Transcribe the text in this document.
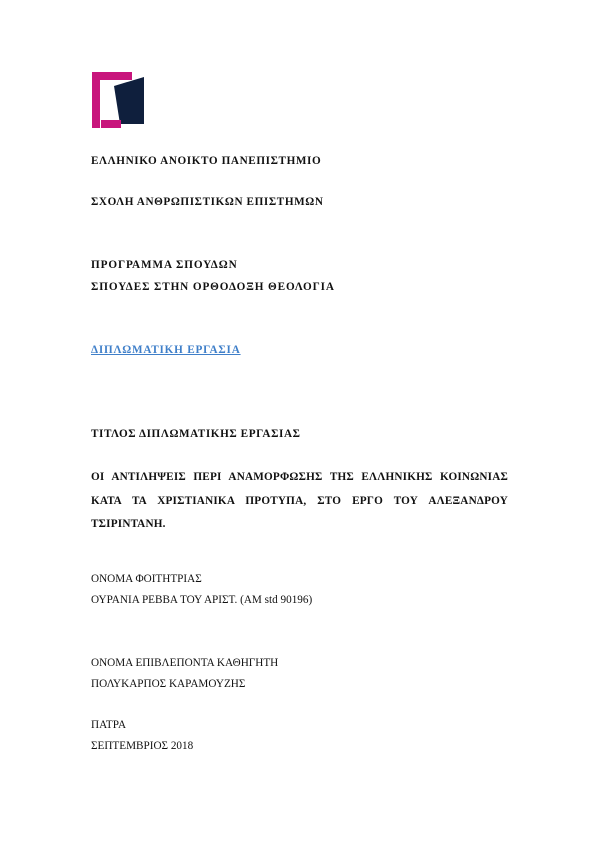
ΕΛΛΗΝΙΚΟ ΑΝΟΙΚΤΟ ΠΑΝΕΠΙΣΤΗΜΙΟ

ΣΧΟΛΗ ΑΝΘΡΩΠΙΣΤΙΚΩΝ ΕΠΙΣΤΗΜΩΝ

ΠΡΟΓΡΑΜΜΑ ΣΠΟΥΔΩΝ

ΣΠΟΥΔΕΣ ΣΤΗΝ ΟΡΘΟΔΟΞΗ ΘΕΟΛΟΓΙΑ

ΔΙΠΛΩΜΑΤΙΚΗ ΕΡΓΑΣΙΑ

ΤΙΤΛΟΣ ΔΙΠΛΩΜΑΤΙΚΗΣ ΕΡΓΑΣΙΑΣ

ΟΙ ΑΝΤΙΛΗΨΕΙΣ ΠΕΡΙ ΑΝΑΜΟΡΦΩΣΗΣ ΤΗΣ ΕΛΛΗΝΙΚΗΣ ΚΟΙΝΩΝΙΑΣ ΚΑΤΑ ΤΑ ΧΡΙΣΤΙΑΝΙΚΑ ΠΡΟΤΥΠΑ, ΣΤΟ ΕΡΓΟ ΤΟΥ ΑΛΕΞΑΝΔΡΟΥ ΤΣΙΡΙΝΤΑΝΗ.

ΟΝΟΜΑ ΦΟΙΤΗΤΡΙΑΣ

ΟΥΡΑΝΙΑ ΡΕΒΒΑ ΤΟΥ ΑΡΙΣΤ. (ΑΜ std 90196)

ΟΝΟΜΑ ΕΠΙΒΛΕΠΟΝΤΑ ΚΑΘΗΓΗΤΗ

ΠΟΛΥΚΑΡΠΟΣ ΚΑΡΑΜΟΥΖΗΣ

ΠΑΤΡΑ

ΣΕΠΤΕΜΒΡΙΟΣ 2018
